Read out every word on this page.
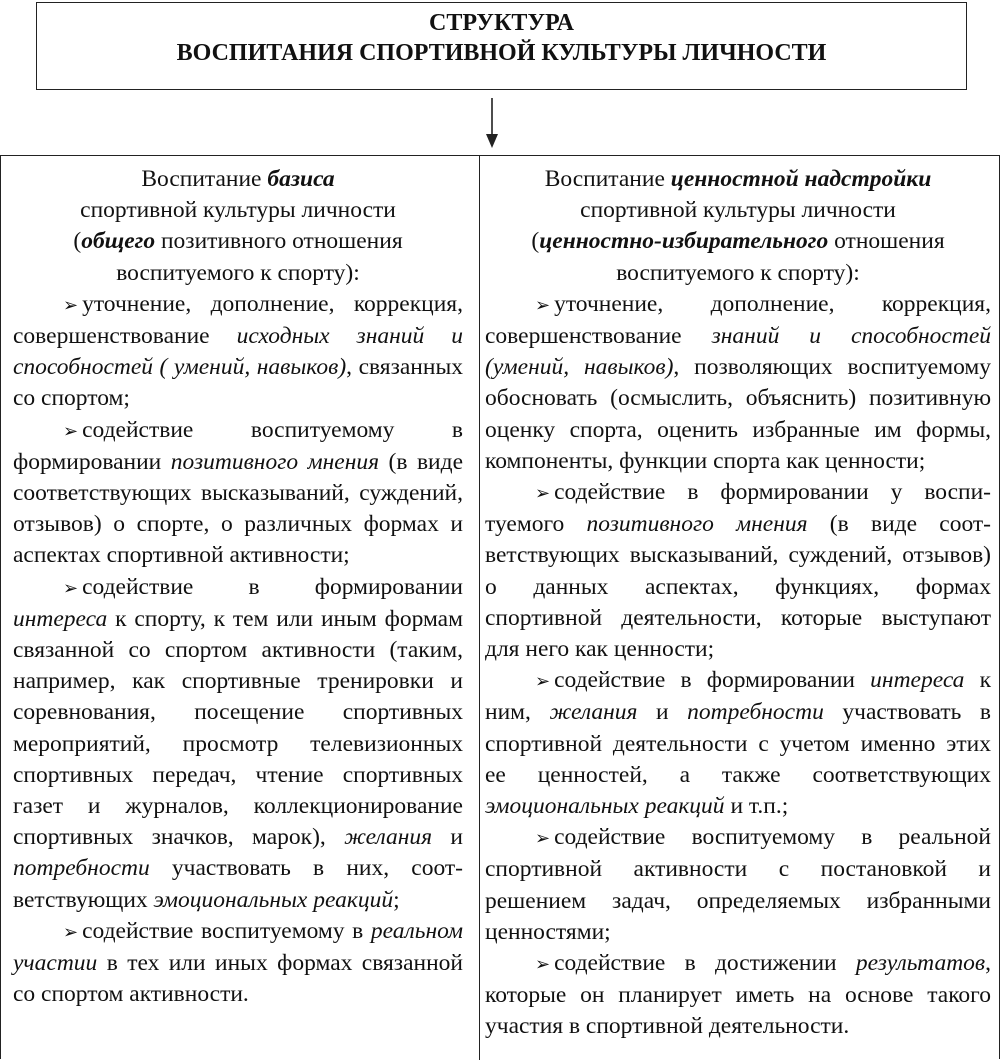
СТРУКТУРА
ВОСПИТАНИЯ СПОРТИВНОЙ КУЛЬТУРЫ ЛИЧНОСТИ

Воспитание базиса

спортивной культуры личности

(общего позитивного отношения

воспитуемого к спорту):

➢ уточнение, дополнение, коррекция, совершенствование исходных знаний и способностей ( умений, навыков), связанных со спортом;

➢ содействие воспитуемому в формировании позитивного мнения (в виде соответствующих высказываний, суждений, отзывов) о спорте, о различных формах и аспектах спортивной активности;

➢ содействие в формировании интереса к спорту, к тем или иным формам связанной со спортом активности (таким, например, как спортивные тренировки и соревнования, посещение спортивных мероприятий, просмотр телевизионных спортивных передач, чтение спортивных газет и журналов, коллекционирование спортивных значков, марок), желания и потребности участвовать в них, соответствующих эмоциональных реакций;

➢ содействие воспитуемому в реальном участии в тех или иных формах связанной со спортом активности.

Воспитание ценностной надстройки

спортивной культуры личности

(ценностно-избирательного отношения

воспитуемого к спорту):

➢ уточнение, дополнение, коррекция, совершенствование знаний и способностей (умений, навыков), позволяющих воспитуемому обосновать (осмыслить, объяснить) позитивную оценку спорта, оценить избранные им формы, компоненты, функции спорта как ценности;

➢ содействие в формировании у воспитуемого позитивного мнения (в виде соответствующих высказываний, суждений, отзывов) о данных аспектах, функциях, формах спортивной деятельности, которые выступают для него как ценности;

➢ содействие в формировании интереса к ним, желания и потребности участвовать в спортивной деятельности с учетом именно этих ее ценностей, а также соответствующих эмоциональных реакций и т.п.;

➢ содействие воспитуемому в реальной спортивной активности с постановкой и решением задач, определяемых избранными ценностями;

➢ содействие в достижении результатов, которые он планирует иметь на основе такого участия в спортивной деятельности.
